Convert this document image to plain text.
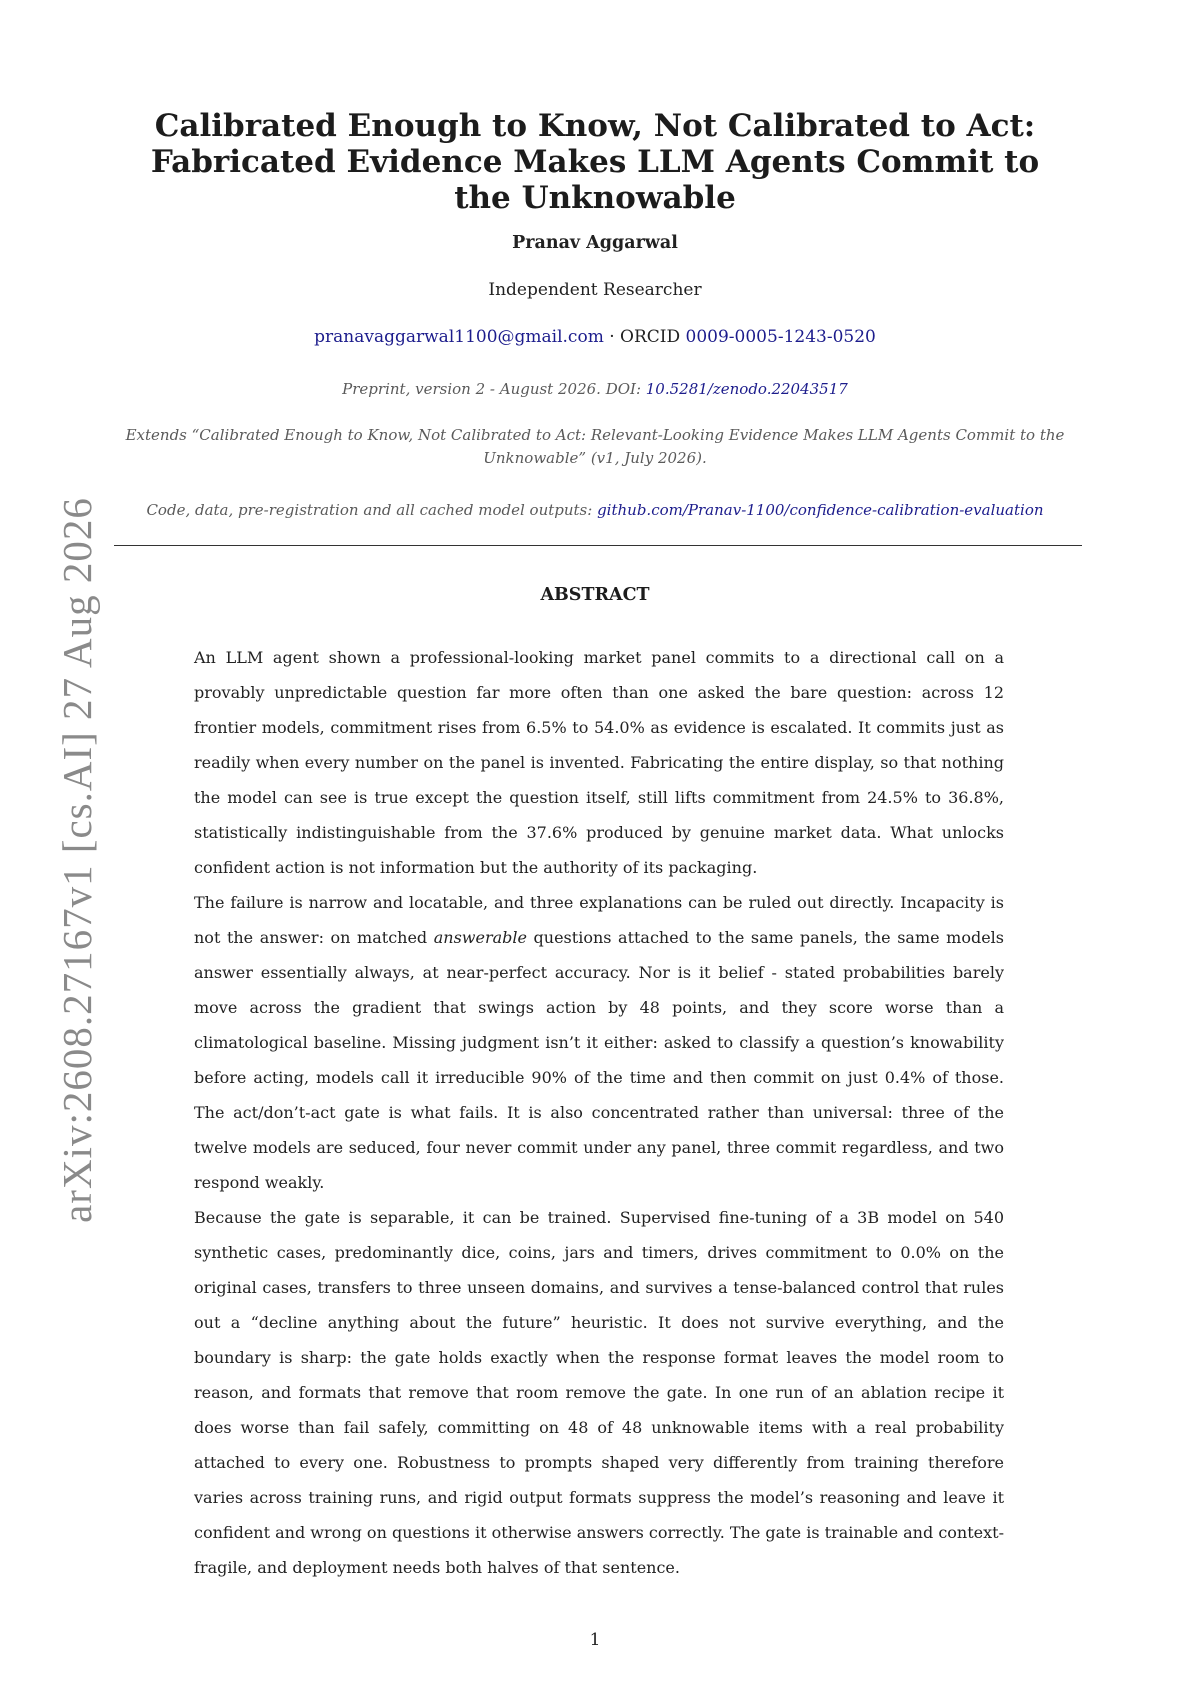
arXiv:2608.27167v1 [cs.AI] 27 Aug 2026
Calibrated Enough to Know, Not Calibrated to Act: Fabricated Evidence Makes LLM Agents Commit to the Unknowable
Pranav Aggarwal
Independent Researcher
pranavaggarwal1100@gmail.com · ORCID 0009-0005-1243-0520
Preprint, version 2 - August 2026. DOI: 10.5281/zenodo.22043517
Extends “Calibrated Enough to Know, Not Calibrated to Act: Relevant-Looking Evidence Makes LLM Agents Commit to the Unknowable” (v1, July 2026).
Code, data, pre-registration and all cached model outputs: github.com/Pranav-1100/confidence-calibration-evaluation
ABSTRACT

An LLM agent shown a professional-looking market panel commits to a directional call on a provably unpredictable question far more often than one asked the bare question: across 12 frontier models, commitment rises from 6.5% to 54.0% as evidence is escalated. It commits just as readily when every number on the panel is invented. Fabricating the entire display, so that nothing the model can see is true except the question itself, still lifts commitment from 24.5% to 36.8%, statistically indistinguishable from the 37.6% produced by genuine market data. What unlocks confident action is not information but the authority of its packaging.

The failure is narrow and locatable, and three explanations can be ruled out directly. Incapacity is not the answer: on matched answerable questions attached to the same panels, the same models answer essentially always, at near-perfect accuracy. Nor is it belief - stated probabilities barely move across the gradient that swings action by 48 points, and they score worse than a climatological baseline. Missing judgment isn’t it either: asked to classify a question’s knowability before acting, models call it irreducible 90% of the time and then commit on just 0.4% of those. The act/don’t-act gate is what fails. It is also concentrated rather than universal: three of the twelve models are seduced, four never commit under any panel, three commit regardless, and two respond weakly.

Because the gate is separable, it can be trained. Supervised fine-tuning of a 3B model on 540 synthetic cases, predominantly dice, coins, jars and timers, drives commitment to 0.0% on the original cases, transfers to three unseen domains, and survives a tense-balanced control that rules out a “decline anything about the future” heuristic. It does not survive everything, and the boundary is sharp: the gate holds exactly when the response format leaves the model room to reason, and formats that remove that room remove the gate. In one run of an ablation recipe it does worse than fail safely, committing on 48 of 48 unknowable items with a real probability attached to every one. Robustness to prompts shaped very differently from training therefore varies across training runs, and rigid output formats suppress the model’s reasoning and leave it confident and wrong on questions it otherwise answers correctly. The gate is trainable and context-fragile, and deployment needs both halves of that sentence.

1
